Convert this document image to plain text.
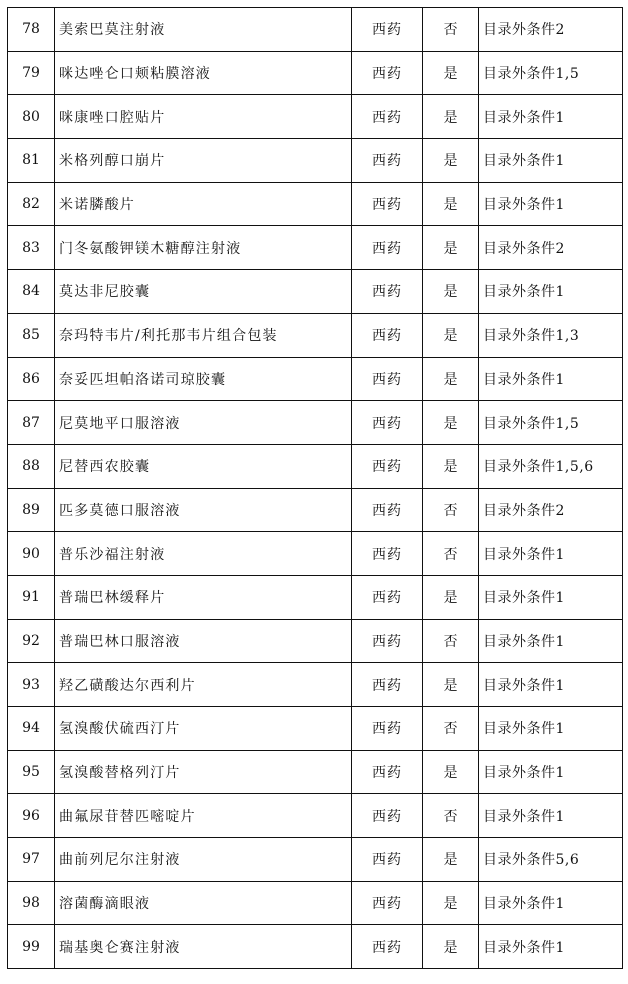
78	美索巴莫注射液	西药	否	目录外条件2
79	咪达唑仑口颊粘膜溶液	西药	是	目录外条件1,5
80	咪康唑口腔贴片	西药	是	目录外条件1
81	米格列醇口崩片	西药	是	目录外条件1
82	米诺膦酸片	西药	是	目录外条件1
83	门冬氨酸钾镁木糖醇注射液	西药	是	目录外条件2
84	莫达非尼胶囊	西药	是	目录外条件1
85	奈玛特韦片/利托那韦片组合包装	西药	是	目录外条件1,3
86	奈妥匹坦帕洛诺司琼胶囊	西药	是	目录外条件1
87	尼莫地平口服溶液	西药	是	目录外条件1,5
88	尼替西农胶囊	西药	是	目录外条件1,5,6
89	匹多莫德口服溶液	西药	否	目录外条件2
90	普乐沙福注射液	西药	否	目录外条件1
91	普瑞巴林缓释片	西药	是	目录外条件1
92	普瑞巴林口服溶液	西药	否	目录外条件1
93	羟乙磺酸达尔西利片	西药	是	目录外条件1
94	氢溴酸伏硫西汀片	西药	否	目录外条件1
95	氢溴酸替格列汀片	西药	是	目录外条件1
96	曲氟尿苷替匹嘧啶片	西药	否	目录外条件1
97	曲前列尼尔注射液	西药	是	目录外条件5,6
98	溶菌酶滴眼液	西药	是	目录外条件1
99	瑞基奥仑赛注射液	西药	是	目录外条件1
